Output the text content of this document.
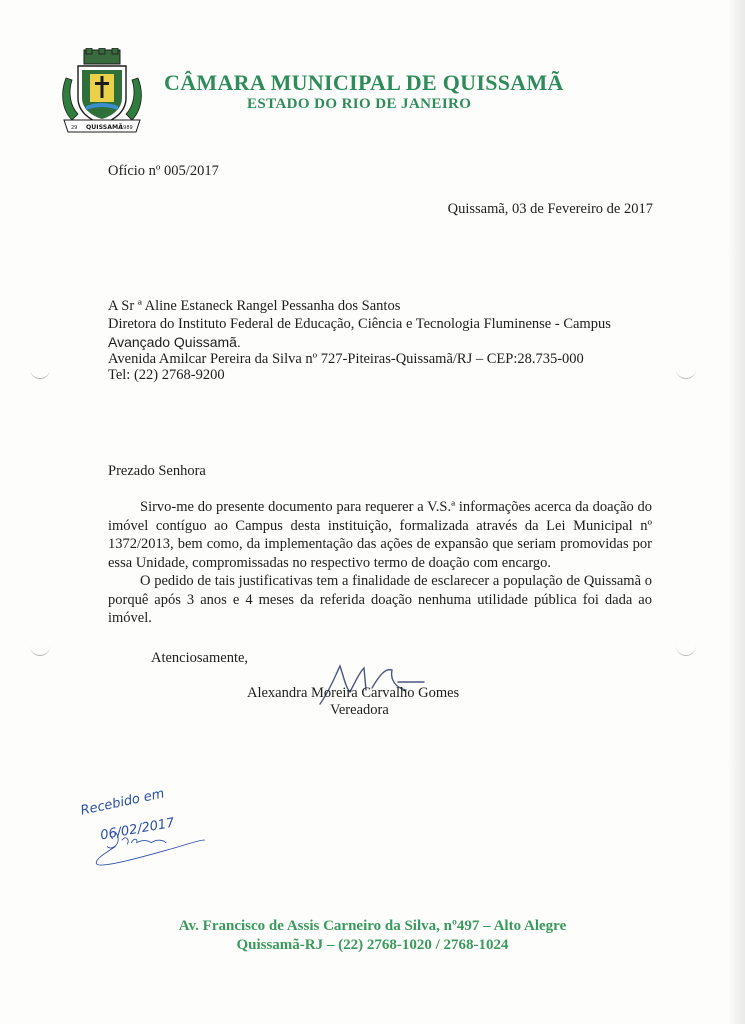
29 QUISSAMÃ
1989
CÂMARA MUNICIPAL DE QUISSAMÃ
ESTADO DO RIO DE JANEIRO
Ofício nº 005/2017
Quissamã, 03 de Fevereiro de 2017
A Sr ª Aline Estaneck Rangel Pessanha dos Santos
Diretora do Instituto Federal de Educação, Ciência e Tecnologia Fluminense - Campus
Avançado Quissamã.
Avenida Amilcar Pereira da Silva nº 727-Piteiras-Quissamã/RJ – CEP:28.735-000
Tel: (22) 2768-9200
Prezado Senhora
Sirvo-me do presente documento para requerer a V.S.ª informações acerca da doação do imóvel contíguo ao Campus desta instituição, formalizada através da Lei Municipal nº 1372/2013, bem como, da implementação das ações de expansão que seriam promovidas por essa Unidade, compromissadas no respectivo termo de doação com encargo.
O pedido de tais justificativas tem a finalidade de esclarecer a população de Quissamã o porquê após 3 anos e 4 meses da referida doação nenhuma utilidade pública foi dada ao imóvel.
Atenciosamente,
Alexandra Moreira Carvalho Gomes
Vereadora
Recebido em
06/02/2017
Av. Francisco de Assis Carneiro da Silva, nº497 – Alto Alegre
Quissamã-RJ – (22) 2768-1020 / 2768-1024
